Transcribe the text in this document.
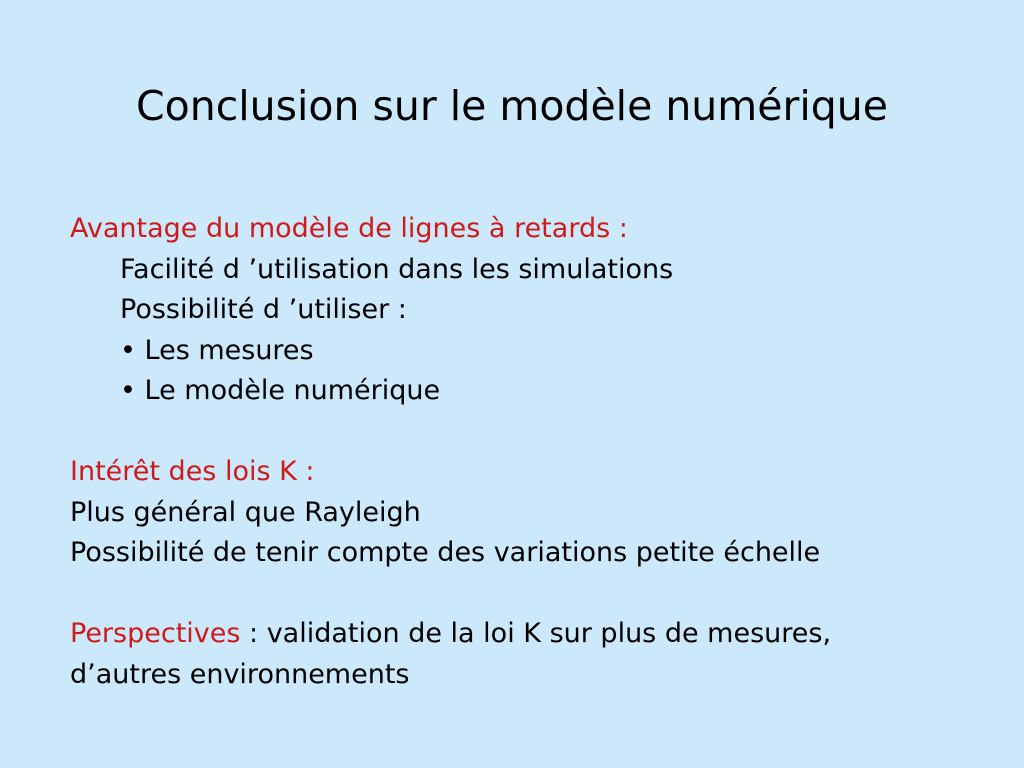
Conclusion sur le modèle numérique
Avantage du modèle de lignes à retards :
Facilité d ’utilisation dans les simulations
Possibilité d ’utiliser :
• Les mesures
• Le modèle numérique
Intérêt des lois K :
Plus général que Rayleigh
Possibilité de tenir compte des variations petite échelle
Perspectives : validation de la loi K sur plus de mesures,
d’autres environnements
